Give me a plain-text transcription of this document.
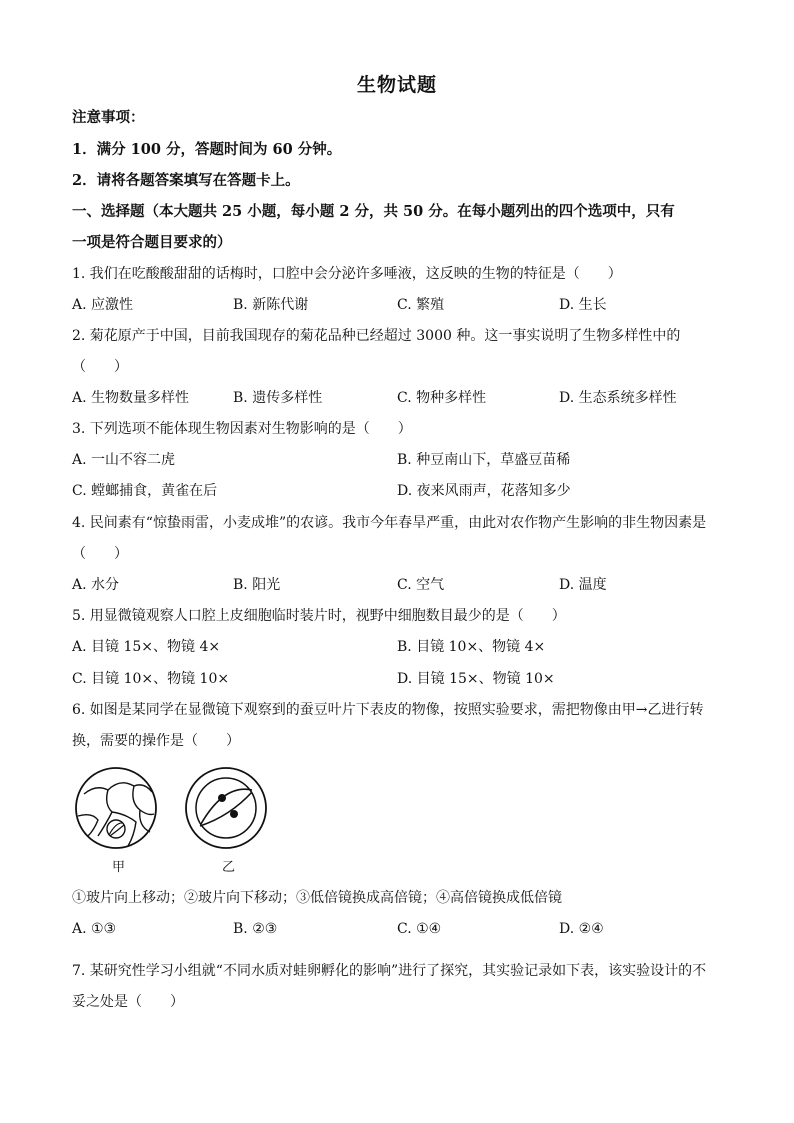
生物试题
注意事项：
1．满分 100 分，答题时间为 60 分钟。
2．请将各题答案填写在答题卡上。
一、选择题（本大题共 25 小题，每小题 2 分，共 50 分。在每小题列出的四个选项中，只有
一项是符合题目要求的）
1. 我们在吃酸酸甜甜的话梅时，口腔中会分泌许多唾液，这反映的生物的特征是（　　）
A. 应激性	B. 新陈代谢	C. 繁殖	D. 生长
2. 菊花原产于中国，目前我国现存的菊花品种已经超过 3000 种。这一事实说明了生物多样性中的
（　　）
A. 生物数量多样性	B. 遗传多样性	C. 物种多样性	D. 生态系统多样性
3. 下列选项不能体现生物因素对生物影响的是（　　）
A. 一山不容二虎	B. 种豆南山下，草盛豆苗稀
C. 螳螂捕食，黄雀在后	D. 夜来风雨声，花落知多少
4. 民间素有“惊蛰雨雷，小麦成堆”的农谚。我市今年春旱严重，由此对农作物产生影响的非生物因素是
（　　）
A. 水分	B. 阳光	C. 空气	D. 温度
5. 用显微镜观察人口腔上皮细胞临时装片时，视野中细胞数目最少的是（　　）
A. 目镜 15×、物镜 4×	B. 目镜 10×、物镜 4×
C. 目镜 10×、物镜 10×	D. 目镜 15×、物镜 10×
6. 如图是某同学在显微镜下观察到的蚕豆叶片下表皮的物像，按照实验要求，需把物像由甲→乙进行转
换，需要的操作是（　　）
甲	乙
①玻片向上移动；②玻片向下移动；③低倍镜换成高倍镜；④高倍镜换成低倍镜
A. ①③	B. ②③	C. ①④	D. ②④
7. 某研究性学习小组就“不同水质对蛙卵孵化的影响”进行了探究，其实验记录如下表，该实验设计的不
妥之处是（　　）
